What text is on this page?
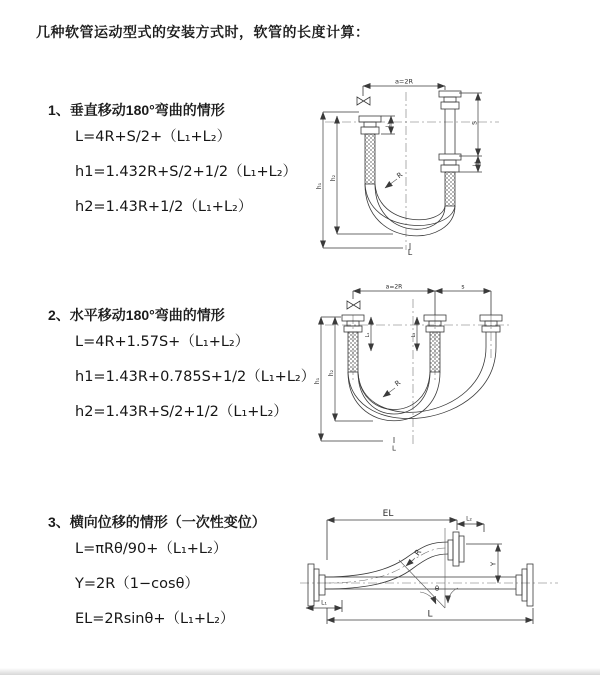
几种软管运动型式的安装方式时，软管的长度计算：
1、垂直移动180°弯曲的情形
L=4R+S/2+（L₁+L₂）
h1=1.432R+S/2+1/2（L₁+L₂）
h2=1.43R+1/2（L₁+L₂）
2、水平移动180°弯曲的情形
L=4R+1.57S+（L₁+L₂）
h1=1.43R+0.785S+1/2（L₁+L₂）
h2=1.43R+S/2+1/2（L₁+L₂）
3、横向位移的情形（一次性变位）
L=πRθ/90+（L₁+L₂）
Y=2R（1−cosθ）
EL=2Rsinθ+（L₁+L₂）
a=2R
h₁
h₂
L₁	S
L₂
R
L
a=2R	s
h₁
h₂
L₁	L₂
R
L
EL	L₂
θ
R
Y
L
L₁
